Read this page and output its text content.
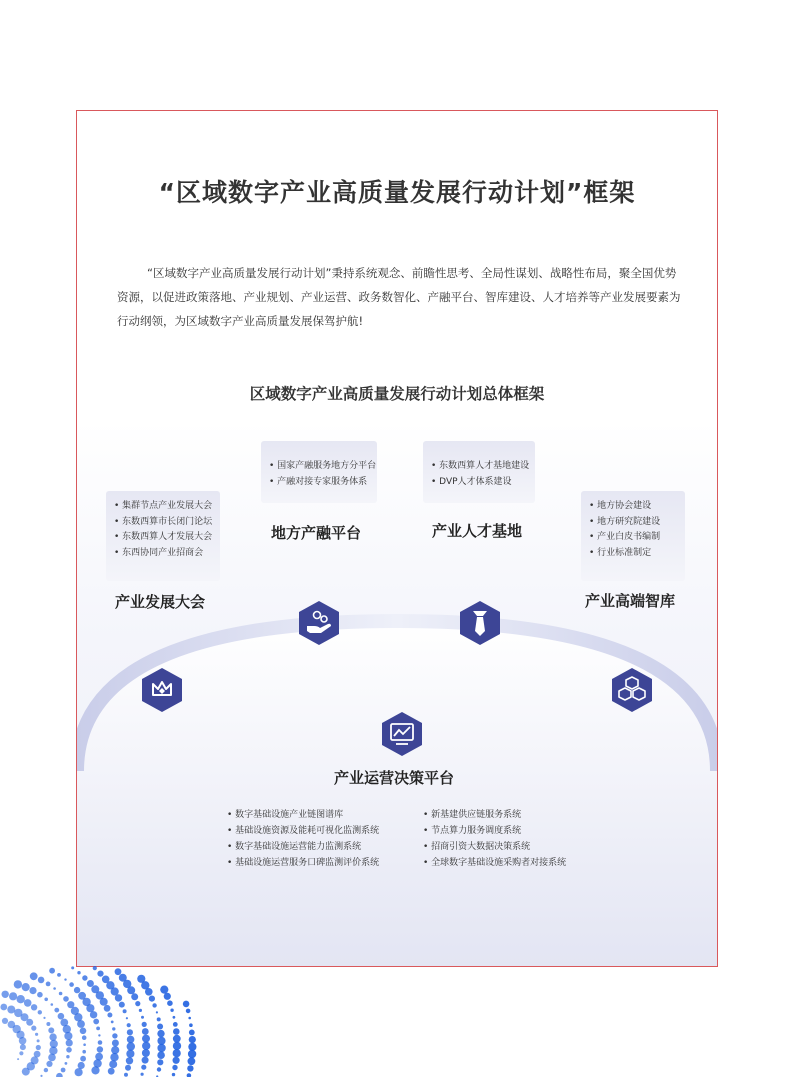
“区域数字产业高质量发展行动计划”框架
“区域数字产业高质量发展行动计划”秉持系统观念、前瞻性思考、全局性谋划、战略性布局，聚全国优势资源，以促进政策落地、产业规划、产业运营、政务数智化、产融平台、智库建设、人才培养等产业发展要素为行动纲领，为区域数字产业高质量发展保驾护航!
区域数字产业高质量发展行动计划总体框架
• 集群节点产业发展大会
• 东数西算市长闭门论坛
• 东数西算人才发展大会
• 东西协同产业招商会
产业发展大会
• 国家产融服务地方分平台
• 产融对接专家服务体系
地方产融平台
• 东数西算人才基地建设
• DVP人才体系建设
产业人才基地
• 地方协会建设
• 地方研究院建设
• 产业白皮书编制
• 行业标准制定
产业高端智库
产业运营决策平台
• 数字基础设施产业链图谱库
• 基础设施资源及能耗可视化监测系统
• 数字基础设施运营能力监测系统
• 基础设施运营服务口碑监测评价系统
• 新基建供应链服务系统
• 节点算力服务调度系统
• 招商引资大数据决策系统
• 全球数字基础设施采购者对接系统
